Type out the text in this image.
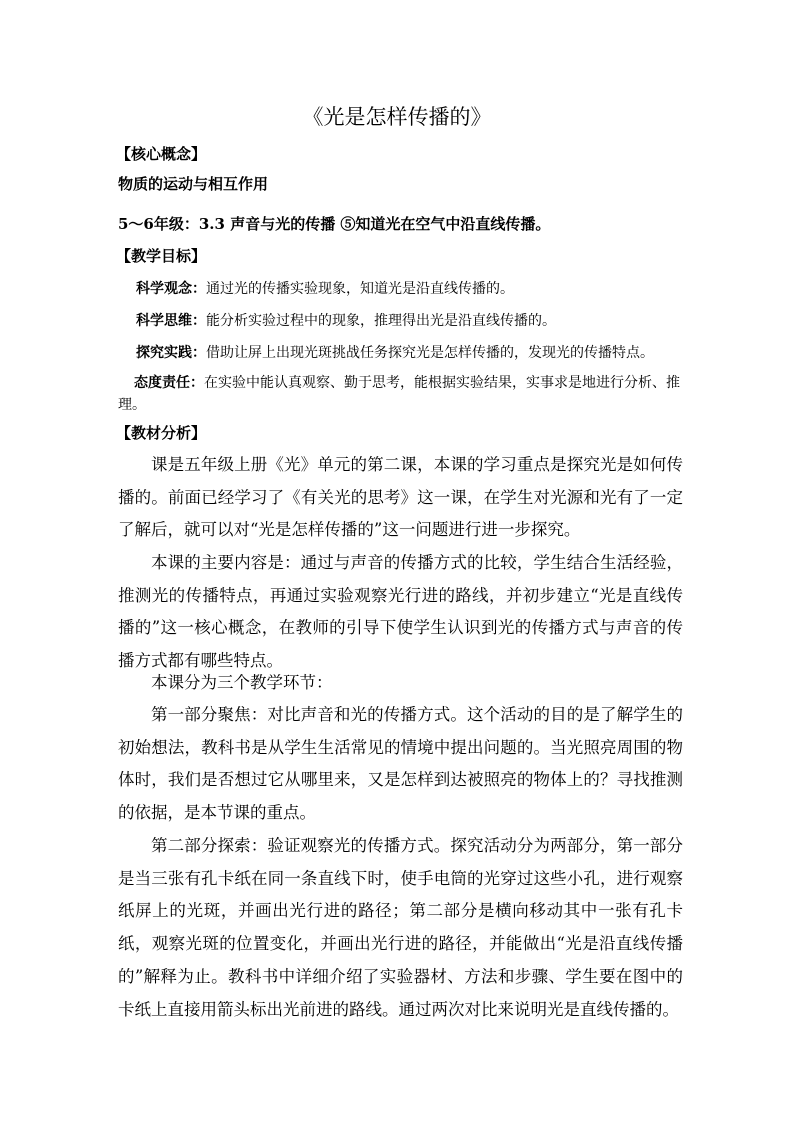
《光是怎样传播的》
【核心概念】
物质的运动与相互作用
5～6年级：3.3 声音与光的传播 ⑤知道光在空气中沿直线传播。
【教学目标】
科学观念：通过光的传播实验现象，知道光是沿直线传播的。
科学思维：能分析实验过程中的现象，推理得出光是沿直线传播的。
探究实践：借助让屏上出现光斑挑战任务探究光是怎样传播的，发现光的传播特点。
态度责任：在实验中能认真观察、勤于思考，能根据实验结果，实事求是地进行分析、推理。
【教材分析】
课是五年级上册《光》单元的第二课，本课的学习重点是探究光是如何传播的。前面已经学习了《有关光的思考》这一课，在学生对光源和光有了一定了解后，就可以对“光是怎样传播的”这一问题进行进一步探究。
本课的主要内容是：通过与声音的传播方式的比较，学生结合生活经验，推测光的传播特点，再通过实验观察光行进的路线，并初步建立“光是直线传播的”这一核心概念，在教师的引导下使学生认识到光的传播方式与声音的传播方式都有哪些特点。
本课分为三个教学环节：
第一部分聚焦：对比声音和光的传播方式。这个活动的目的是了解学生的初始想法，教科书是从学生生活常见的情境中提出问题的。当光照亮周围的物体时，我们是否想过它从哪里来，又是怎样到达被照亮的物体上的？寻找推测的依据，是本节课的重点。
第二部分探索：验证观察光的传播方式。探究活动分为两部分，第一部分是当三张有孔卡纸在同一条直线下时，使手电筒的光穿过这些小孔，进行观察纸屏上的光斑，并画出光行进的路径；第二部分是横向移动其中一张有孔卡纸，观察光斑的位置变化，并画出光行进的路径，并能做出“光是沿直线传播的”解释为止。教科书中详细介绍了实验器材、方法和步骤、学生要在图中的卡纸上直接用箭头标出光前进的路线。通过两次对比来说明光是直线传播的。
